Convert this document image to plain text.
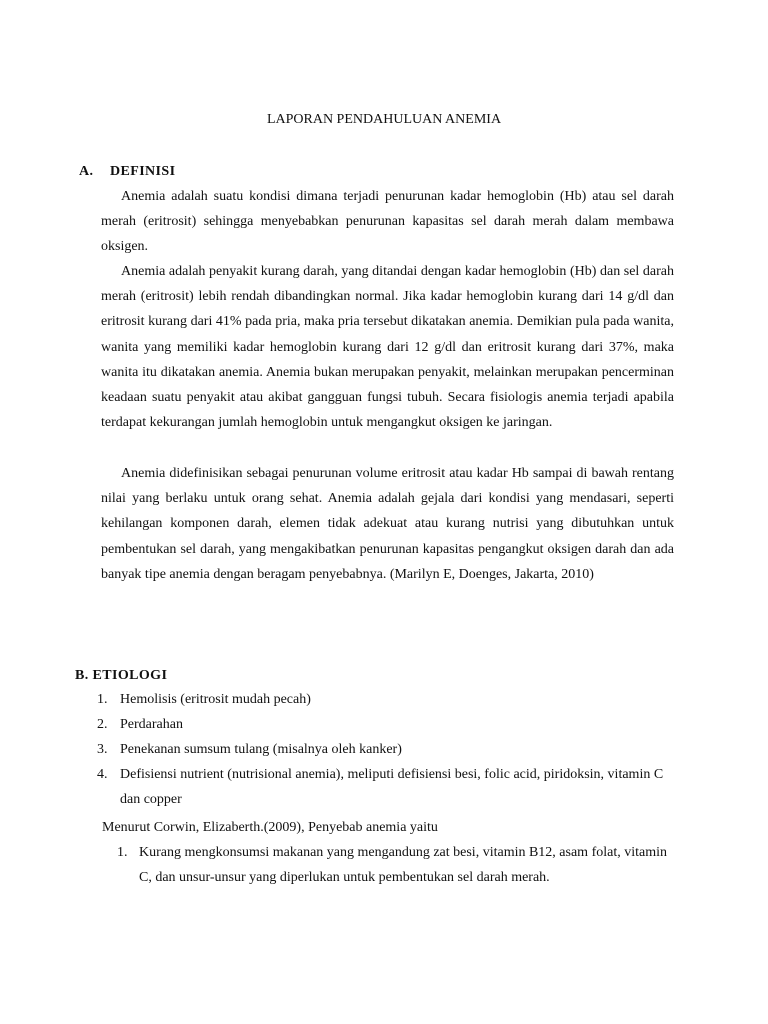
LAPORAN PENDAHULUAN ANEMIA
A. DEFINISI

Anemia adalah suatu kondisi dimana terjadi penurunan kadar hemoglobin (Hb) atau sel darah merah (eritrosit) sehingga menyebabkan penurunan kapasitas sel darah merah dalam membawa oksigen.

Anemia adalah penyakit kurang darah, yang ditandai dengan kadar hemoglobin (Hb) dan sel darah merah (eritrosit) lebih rendah dibandingkan normal. Jika kadar hemoglobin kurang dari 14 g/dl dan eritrosit kurang dari 41% pada pria, maka pria tersebut dikatakan anemia. Demikian pula pada wanita, wanita yang memiliki kadar hemoglobin kurang dari 12 g/dl dan eritrosit kurang dari 37%, maka wanita itu dikatakan anemia. Anemia bukan merupakan penyakit, melainkan merupakan pencerminan keadaan suatu penyakit atau akibat gangguan fungsi tubuh. Secara fisiologis anemia terjadi apabila terdapat kekurangan jumlah hemoglobin untuk mengangkut oksigen ke jaringan.

Anemia didefinisikan sebagai penurunan volume eritrosit atau kadar Hb sampai di bawah rentang nilai yang berlaku untuk orang sehat. Anemia adalah gejala dari kondisi yang mendasari, seperti kehilangan komponen darah, elemen tidak adekuat atau kurang nutrisi yang dibutuhkan untuk pembentukan sel darah, yang mengakibatkan penurunan kapasitas pengangkut oksigen darah dan ada banyak tipe anemia dengan beragam penyebabnya. (Marilyn E, Doenges, Jakarta, 2010)

B. ETIOLOGI
1. Hemolisis (eritrosit mudah pecah)
2. Perdarahan
3. Penekanan sumsum tulang (misalnya oleh kanker)
4. Defisiensi nutrient (nutrisional anemia), meliputi defisiensi besi, folic acid, piridoksin, vitamin C dan copper
Menurut Corwin, Elizaberth.(2009), Penyebab anemia yaitu
1. Kurang mengkonsumsi makanan yang mengandung zat besi, vitamin B12, asam folat, vitamin C, dan unsur-unsur yang diperlukan untuk pembentukan sel darah merah.
